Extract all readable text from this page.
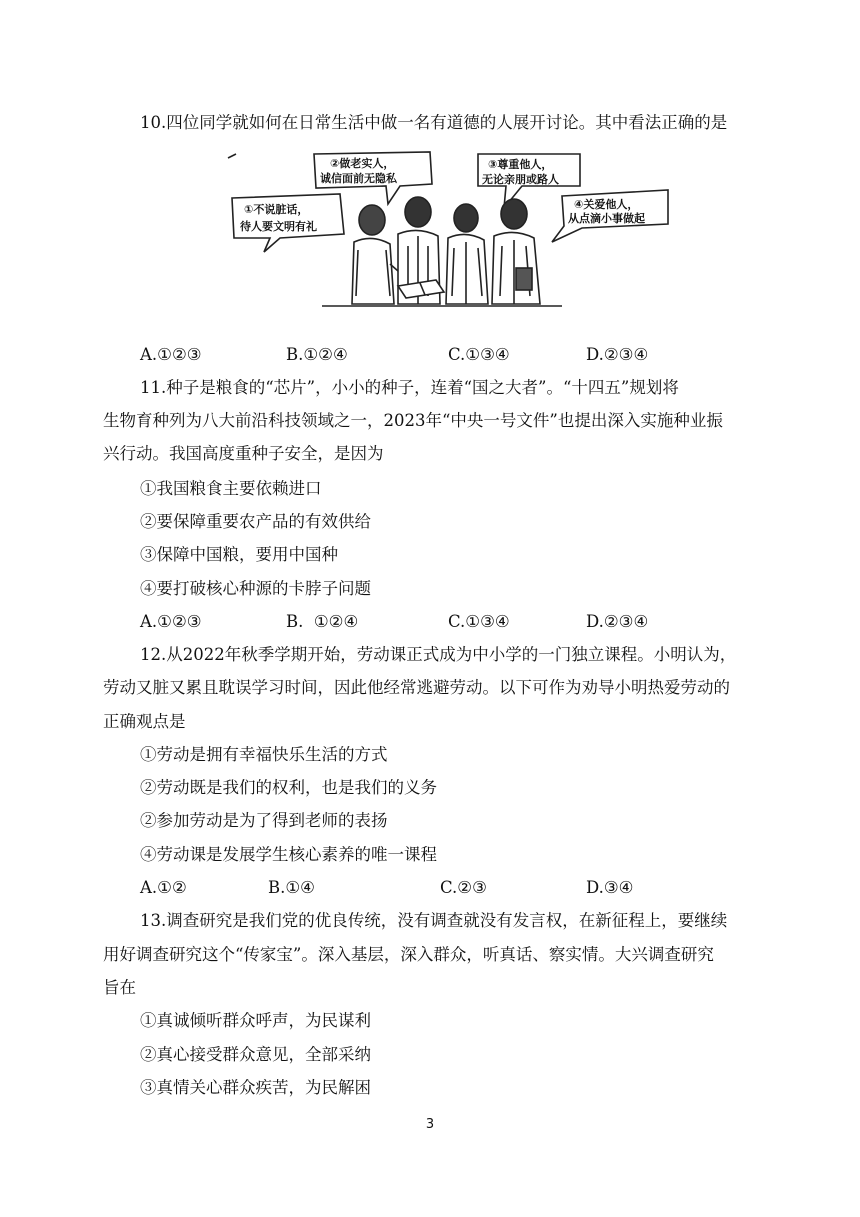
10.四位同学就如何在日常生活中做一名有道德的人展开讨论。其中看法正确的是
①不说脏话，
待人要文明有礼
②做老实人，
诚信面前无隐私
③尊重他人，
无论亲朋或路人
④关爱他人，
从点滴小事做起
A.①②③	B.①②④	C.①③④	D.②③④
11.种子是粮食的“芯片”，小小的种子，连着“国之大者”。“十四五”规划将
生物育种列为八大前沿科技领域之一，2023年“中央一号文件”也提出深入实施种业振
兴行动。我国高度重种子安全，是因为
①我国粮食主要依赖进口
②要保障重要农产品的有效供给
③保障中国粮，要用中国种
④要打破核心种源的卡脖子问题
A.①②③	B.  ①②④	C.①③④	D.②③④
12.从2022年秋季学期开始，劳动课正式成为中小学的一门独立课程。小明认为，
劳动又脏又累且耽误学习时间，因此他经常逃避劳动。以下可作为劝导小明热爱劳动的
正确观点是
①劳动是拥有幸福快乐生活的方式
②劳动既是我们的权利，也是我们的义务
②参加劳动是为了得到老师的表扬
④劳动课是发展学生核心素养的唯一课程
A.①②	B.①④	C.②③	D.③④
13.调查研究是我们党的优良传统，没有调查就没有发言权，在新征程上，要继续
用好调查研究这个“传家宝”。深入基层，深入群众，听真话、察实情。大兴调查研究
旨在
①真诚倾听群众呼声，为民谋利
②真心接受群众意见，全部采纳
③真情关心群众疾苦，为民解困
3
